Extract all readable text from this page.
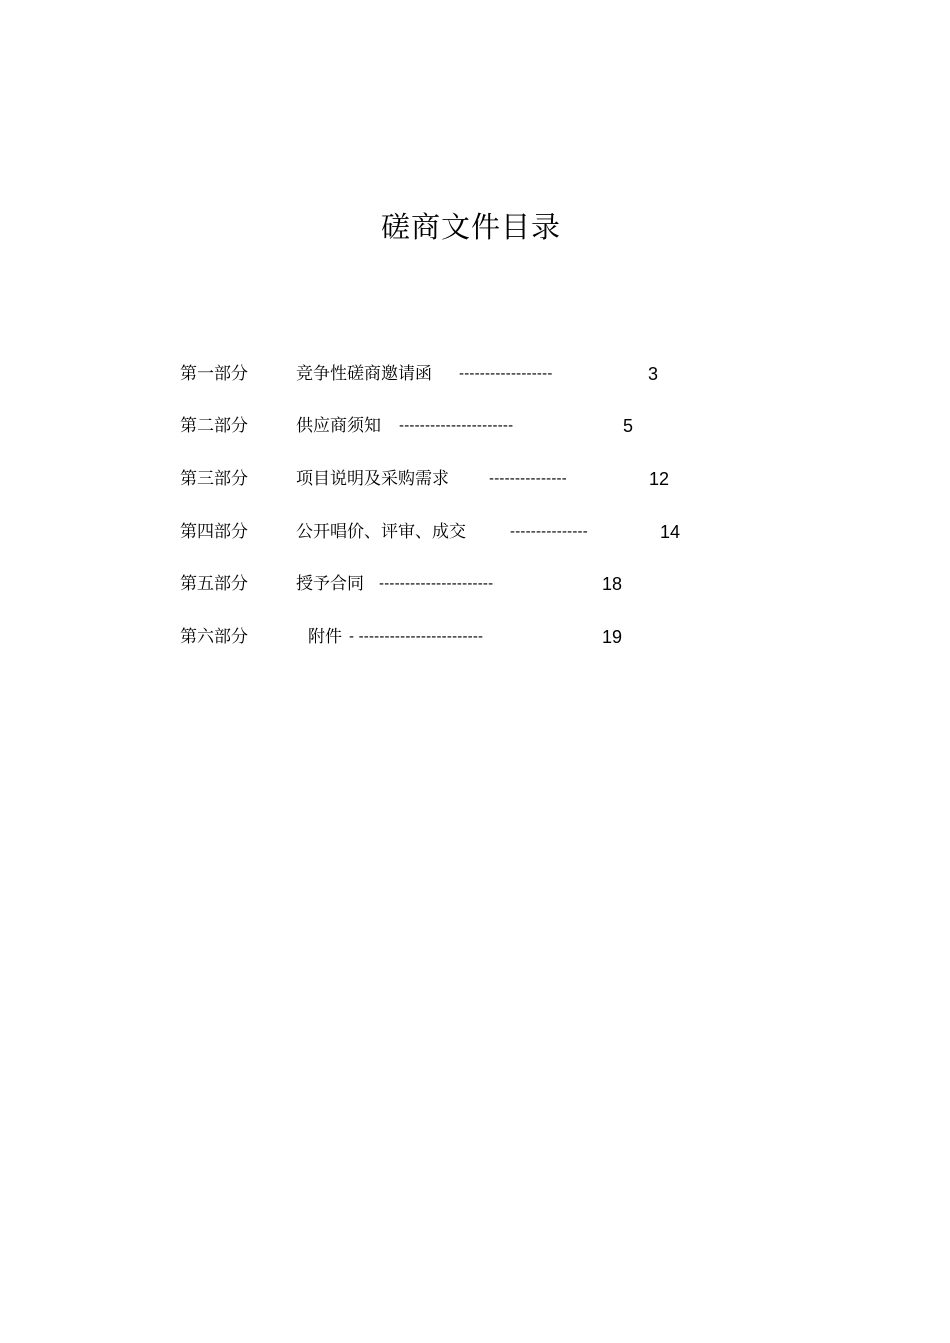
磋商文件目录
第一部分	竞争性磋商邀请函 ------------------	3
第二部分	供应商须知 ----------------------	5
第三部分	项目说明及采购需求	---------------	12
第四部分	公开唱价、评审、成交	---------------	14
第五部分	授予合同 ----------------------	18
第六部分	附件 - ------------------------	19
